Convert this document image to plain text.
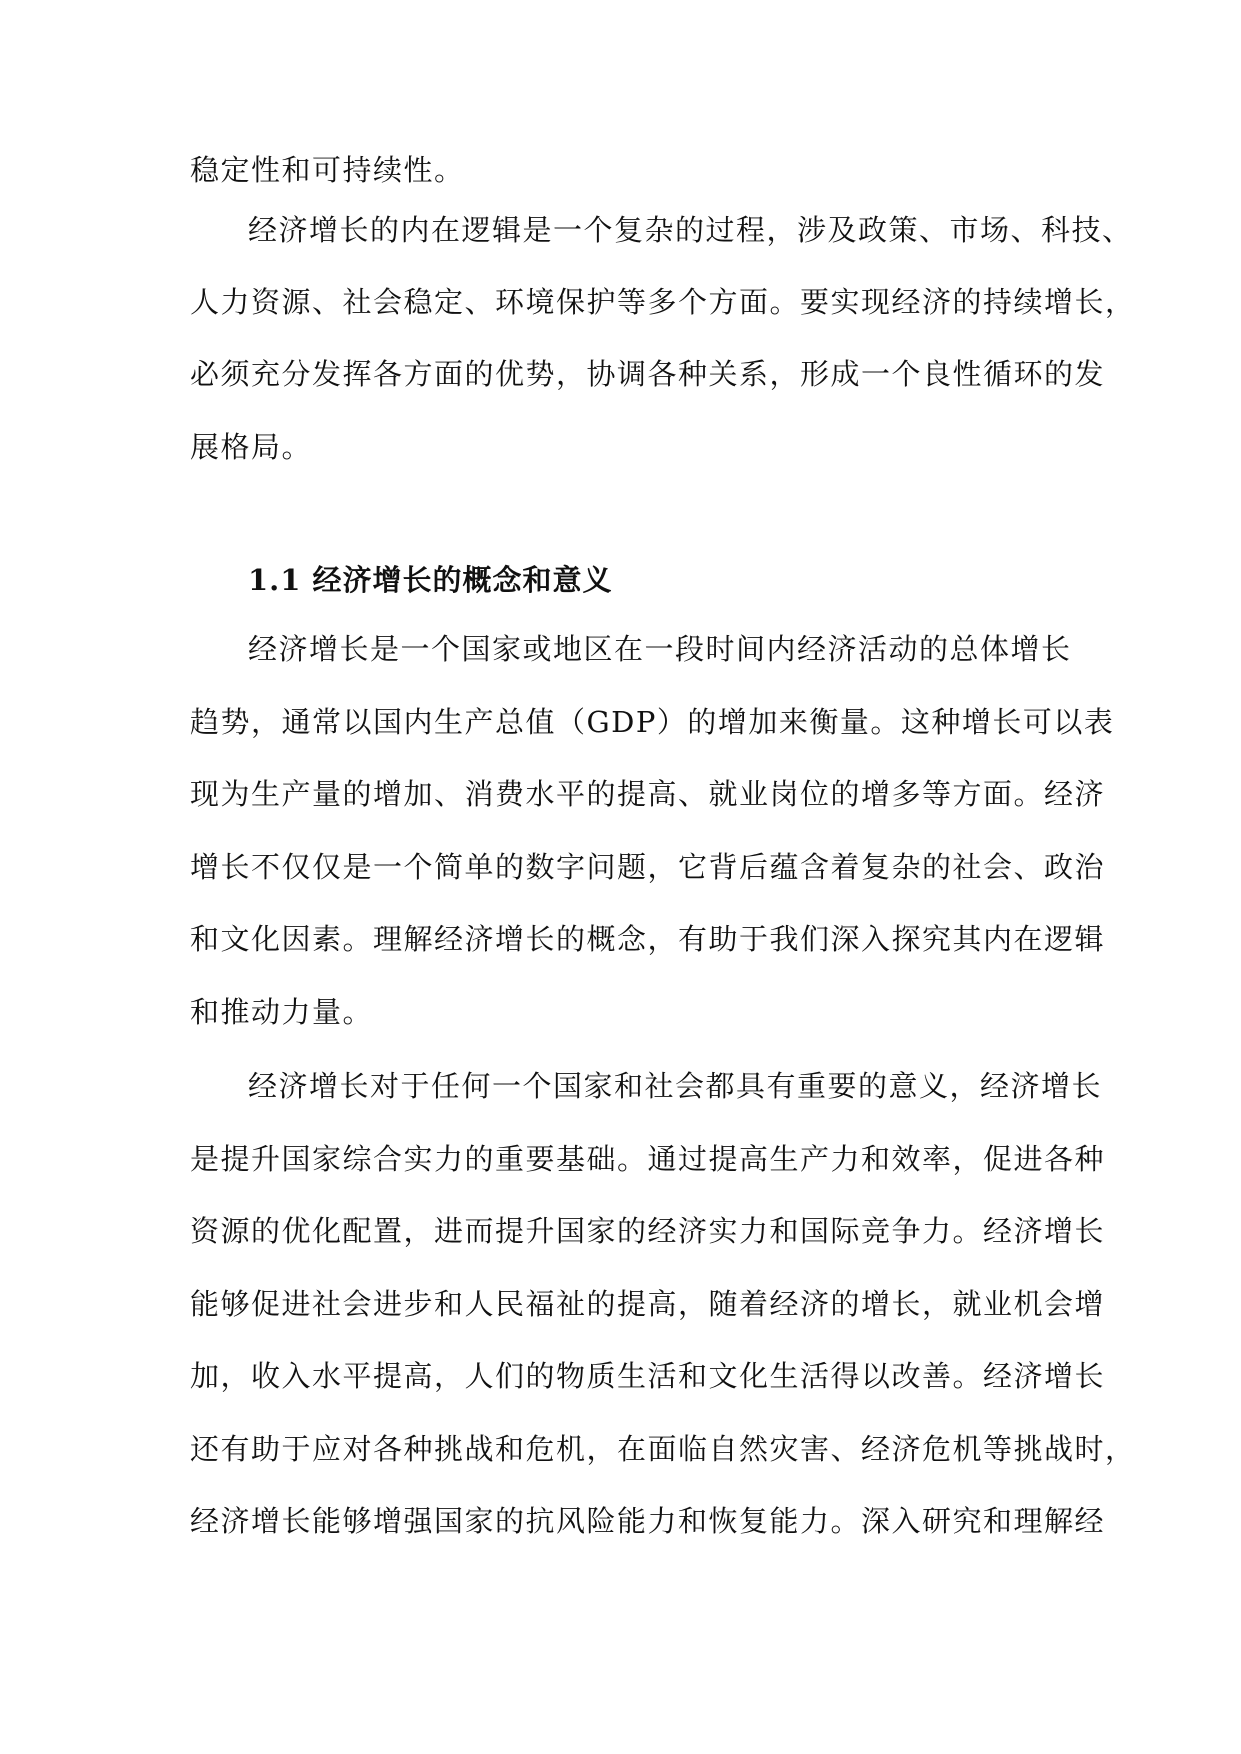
稳定性和可持续性。
经济增长的内在逻辑是一个复杂的过程，涉及政策、市场、科技、
人力资源、社会稳定、环境保护等多个方面。要实现经济的持续增长，
必须充分发挥各方面的优势，协调各种关系，形成一个良性循环的发
展格局。
1.1 经济增长的概念和意义
经济增长是一个国家或地区在一段时间内经济活动的总体增长
趋势，通常以国内生产总值（GDP）的增加来衡量。这种增长可以表
现为生产量的增加、消费水平的提高、就业岗位的增多等方面。经济
增长不仅仅是一个简单的数字问题，它背后蕴含着复杂的社会、政治
和文化因素。理解经济增长的概念，有助于我们深入探究其内在逻辑
和推动力量。
经济增长对于任何一个国家和社会都具有重要的意义，经济增长
是提升国家综合实力的重要基础。通过提高生产力和效率，促进各种
资源的优化配置，进而提升国家的经济实力和国际竞争力。经济增长
能够促进社会进步和人民福祉的提高，随着经济的增长，就业机会增
加，收入水平提高，人们的物质生活和文化生活得以改善。经济增长
还有助于应对各种挑战和危机，在面临自然灾害、经济危机等挑战时，
经济增长能够增强国家的抗风险能力和恢复能力。深入研究和理解经
